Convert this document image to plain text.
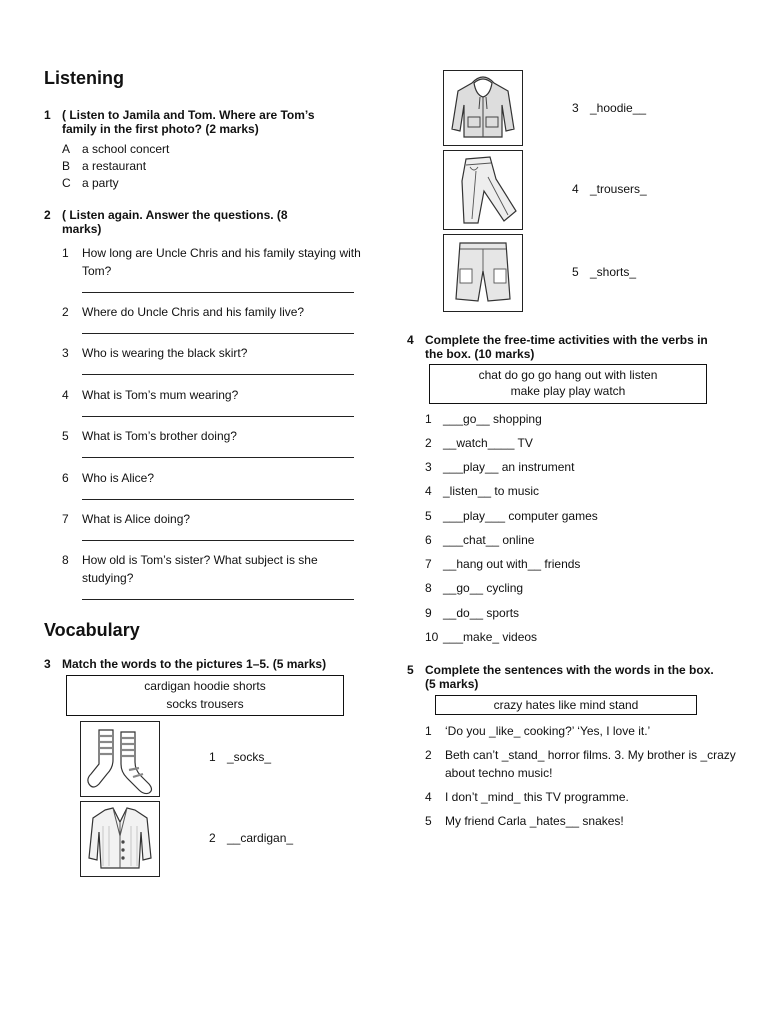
Listening
1 ( Listen to Jamila and Tom. Where are Tom’s family in the first photo? (2 marks)
A a school concert
B a restaurant
C a party
2 ( Listen again. Answer the questions. (8 marks)
1 How long are Uncle Chris and his family staying with Tom?
2 Where do Uncle Chris and his family live?
3 Who is wearing the black skirt?
4 What is Tom’s mum wearing?
5 What is Tom’s brother doing?
6 Who is Alice?
7 What is Alice doing?
8 How old is Tom’s sister? What subject is she studying?
Vocabulary
3 Match the words to the pictures 1–5. (5 marks)
cardigan hoodie shorts
socks trousers
1 _socks_
2 __cardigan_
3 _hoodie__
4 _trousers_
5 _shorts_
4 Complete the free-time activities with the verbs in the box. (10 marks)
chat do go go hang out with listen
make play play watch
1 ___go__ shopping
2 __watch____ TV
3 ___play__ an instrument
4 _listen__ to music
5 ___play___ computer games
6 ___chat__ online
7 __hang out with__ friends
8 __go__ cycling
9 __do__ sports
10 ___make_ videos
5 Complete the sentences with the words in the box. (5 marks)
crazy hates like mind stand
1 ‘Do you _like_ cooking?’ ‘Yes, I love it.’
2 Beth can’t _stand_ horror films. 3. My brother is _crazy about techno music!
4 I don’t _mind_ this TV programme.
5 My friend Carla _hates__ snakes!
